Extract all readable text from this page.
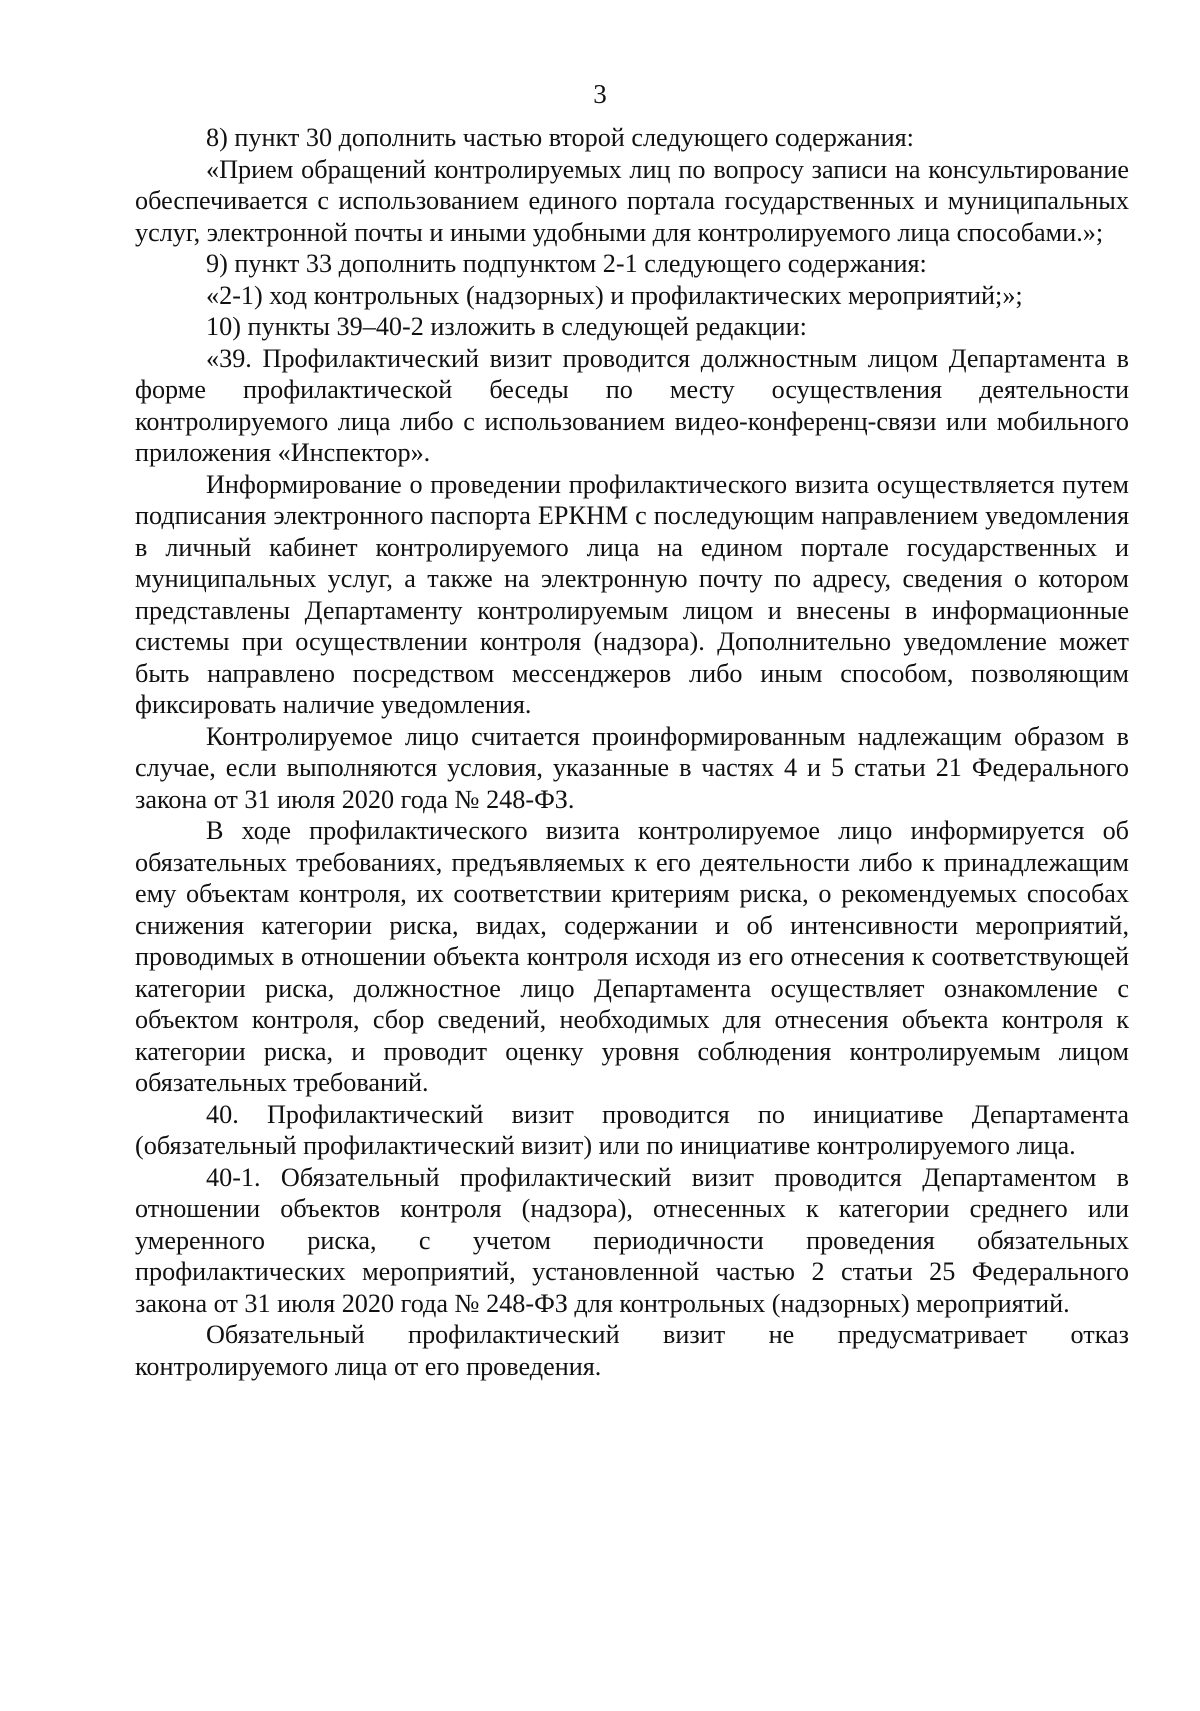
3

8) пункт 30 дополнить частью второй следующего содержания:

«Прием обращений контролируемых лиц по вопросу записи на консультирование обеспечивается с использованием единого портала государственных и муниципальных услуг, электронной почты и иными удобными для контролируемого лица способами.»;

9) пункт 33 дополнить подпунктом 2-1 следующего содержания:

«2-1) ход контрольных (надзорных) и профилактических мероприятий;»;

10) пункты 39–40-2 изложить в следующей редакции:

«39. Профилактический визит проводится должностным лицом Департамента в форме профилактической беседы по месту осуществления деятельности контролируемого лица либо с использованием видео-конференц-связи или мобильного приложения «Инспектор».

Информирование о проведении профилактического визита осуществляется путем подписания электронного паспорта ЕРКНМ с последующим направлением уведомления в личный кабинет контролируемого лица на едином портале государственных и муниципальных услуг, а также на электронную почту по адресу, сведения о котором представлены Департаменту контролируемым лицом и внесены в информационные системы при осуществлении контроля (надзора). Дополнительно уведомление может быть направлено посредством мессенджеров либо иным способом, позволяющим фиксировать наличие уведомления.

Контролируемое лицо считается проинформированным надлежащим образом в случае, если выполняются условия, указанные в частях 4 и 5 статьи 21 Федерального закона от 31 июля 2020 года № 248-ФЗ.

В ходе профилактического визита контролируемое лицо информируется об обязательных требованиях, предъявляемых к его деятельности либо к принадлежащим ему объектам контроля, их соответствии критериям риска, о рекомендуемых способах снижения категории риска, видах, содержании и об интенсивности мероприятий, проводимых в отношении объекта контроля исходя из его отнесения к соответствующей категории риска, должностное лицо Департамента осуществляет ознакомление с объектом контроля, сбор сведений, необходимых для отнесения объекта контроля к категории риска, и проводит оценку уровня соблюдения контролируемым лицом обязательных требований.

40. Профилактический визит проводится по инициативе Департамента (обязательный профилактический визит) или по инициативе контролируемого лица.

40-1. Обязательный профилактический визит проводится Департаментом в отношении объектов контроля (надзора), отнесенных к категории среднего или умеренного риска, с учетом периодичности проведения обязательных профилактических мероприятий, установленной частью 2 статьи 25 Федерального закона от 31 июля 2020 года № 248-ФЗ для контрольных (надзорных) мероприятий.

Обязательный профилактический визит не предусматривает отказ контролируемого лица от его проведения.
